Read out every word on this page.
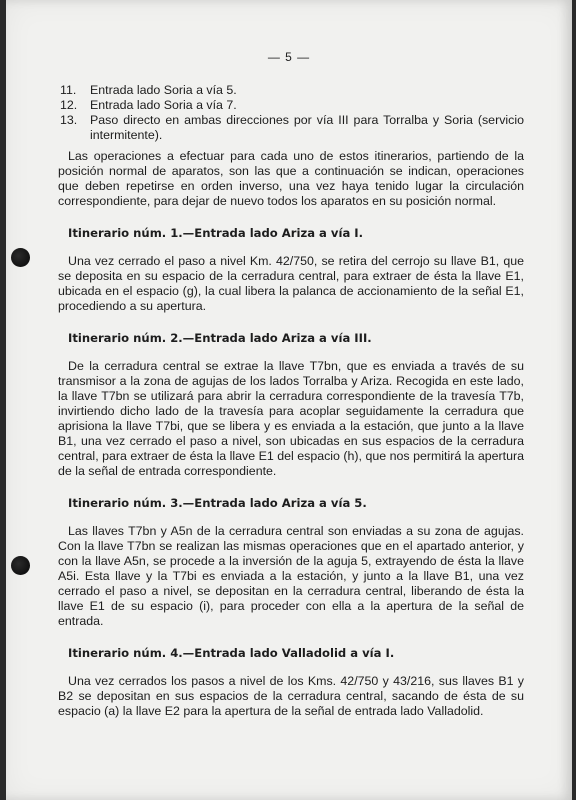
— 5 —
11.	Entrada lado Soria a vía 5.
12.	Entrada lado Soria a vía 7.
13.	Paso directo en ambas direcciones por vía III para Torralba y Soria (servicio intermitente).

Las operaciones a efectuar para cada uno de estos itinerarios, partiendo de la posición normal de aparatos, son las que a continuación se indican, operaciones que deben repetirse en orden inverso, una vez haya tenido lugar la circulación correspondiente, para dejar de nuevo todos los aparatos en su posición normal.

Itinerario núm. 1.—Entrada lado Ariza a vía I.

Una vez cerrado el paso a nivel Km. 42/750, se retira del cerrojo su llave B1, que se deposita en su espacio de la cerradura central, para extraer de ésta la llave E1, ubicada en el espacio (g), la cual libera la palanca de accionamiento de la señal E1, procediendo a su apertura.

Itinerario núm. 2.—Entrada lado Ariza a vía III.

De la cerradura central se extrae la llave T7bn, que es enviada a través de su transmisor a la zona de agujas de los lados Torralba y Ariza. Recogida en este lado, la llave T7bn se utilizará para abrir la cerradura correspondiente de la travesía T7b, invirtiendo dicho lado de la travesía para acoplar seguidamente la cerradura que aprisiona la llave T7bi, que se libera y es enviada a la estación, que junto a la llave B1, una vez cerrado el paso a nivel, son ubicadas en sus espacios de la cerradura central, para extraer de ésta la llave E1 del espacio (h), que nos permitirá la apertura de la señal de entrada correspondiente.

Itinerario núm. 3.—Entrada lado Ariza a vía 5.

Las llaves T7bn y A5n de la cerradura central son enviadas a su zona de agujas. Con la llave T7bn se realizan las mismas operaciones que en el apartado anterior, y con la llave A5n, se procede a la inversión de la aguja 5, extrayendo de ésta la llave A5i. Esta llave y la T7bi es enviada a la estación, y junto a la llave B1, una vez cerrado el paso a nivel, se depositan en la cerradura central, liberando de ésta la llave E1 de su espacio (i), para proceder con ella a la apertura de la señal de entrada.

Itinerario núm. 4.—Entrada lado Valladolid a vía I.

Una vez cerrados los pasos a nivel de los Kms. 42/750 y 43/216, sus llaves B1 y B2 se depositan en sus espacios de la cerradura central, sacando de ésta de su espacio (a) la llave E2 para la apertura de la señal de entrada lado Valladolid.
